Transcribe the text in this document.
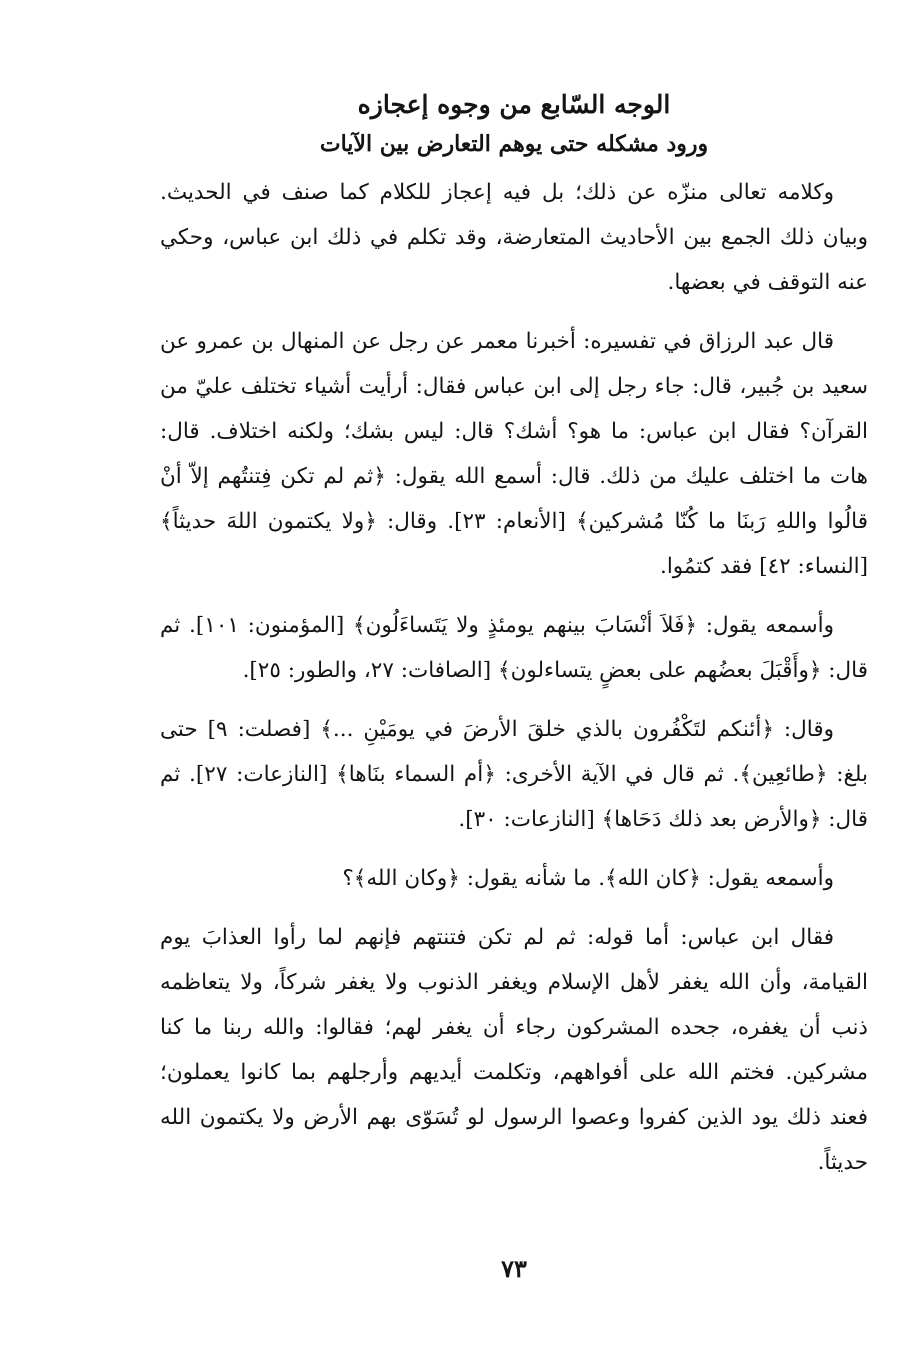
الوجه السّابع من وجوه إعجازه
ورود مشكله حتى يوهم التعارض بين الآيات

وكلامه تعالى منزّه عن ذلك؛ بل فيه إعجاز للكلام كما صنف في الحديث. وبيان ذلك الجمع بين الأحاديث المتعارضة، وقد تكلم في ذلك ابن عباس، وحكي عنه التوقف في بعضها.

قال عبد الرزاق في تفسيره: أخبرنا معمر عن رجل عن المنهال بن عمرو عن سعيد بن جُبير، قال: جاء رجل إلى ابن عباس فقال: أرأيت أشياء تختلف عليّ من القرآن؟ فقال ابن عباس: ما هو؟ أشك؟ قال: ليس بشك؛ ولكنه اختلاف. قال: هات ما اختلف عليك من ذلك. قال: أسمع الله يقول: ﴿ثم لم تكن فِتنتُهم إلاّ أنْ قالُوا واللهِ رَبنَا ما كُنّا مُشركين﴾ [الأنعام: ٢٣]. وقال: ﴿ولا يكتمون اللهَ حديثاً﴾ [النساء: ٤٢] فقد كتمُوا.

وأسمعه يقول: ﴿فَلاَ أنْسَابَ بينهم يومئذٍ ولا يَتَساءَلُون﴾ [المؤمنون: ١٠١]. ثم قال: ﴿وأَقْبَلَ بعضُهم على بعضٍ يتساءلون﴾ [الصافات: ٢٧، والطور: ٢٥].

وقال: ﴿أئنكم لتَكْفُرون بالذي خلقَ الأرضَ في يومَيْنِ ...﴾ [فصلت: ٩] حتى بلغ: ﴿طائعِين﴾. ثم قال في الآية الأخرى: ﴿أم السماء بنَاها﴾ [النازعات: ٢٧]. ثم قال: ﴿والأرض بعد ذلك دَحَاها﴾ [النازعات: ٣٠].

وأسمعه يقول: ﴿كان الله﴾. ما شأنه يقول: ﴿وكان الله﴾؟

فقال ابن عباس: أما قوله: ثم لم تكن فتنتهم فإنهم لما رأوا العذابَ يوم القيامة، وأن الله يغفر لأهل الإسلام ويغفر الذنوب ولا يغفر شركاً، ولا يتعاظمه ذنب أن يغفره، جحده المشركون رجاء أن يغفر لهم؛ فقالوا: والله ربنا ما كنا مشركين. فختم الله على أفواههم، وتكلمت أيديهم وأرجلهم بما كانوا يعملون؛ فعند ذلك يود الذين كفروا وعصوا الرسول لو تُسَوّى بهم الأرض ولا يكتمون الله حديثاً.

٧٣
